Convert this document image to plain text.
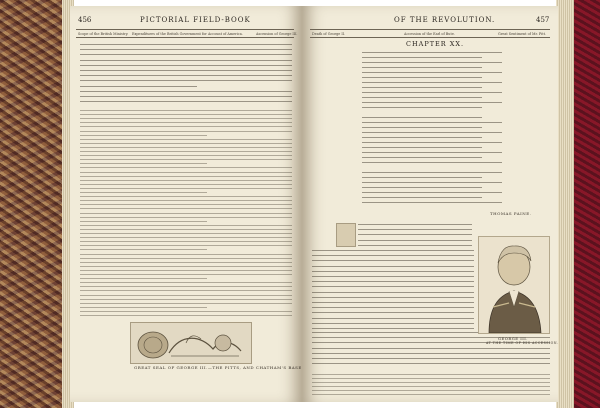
456	PICTORIAL FIELD-BOOK
Scope of the British Ministry. Expenditures of the British Government for Account of America.	Ascension of George III.
GREAT SEAL OF GEORGE III.—THE PITTS, AND CHATHAM'S BASE
OF THE REVOLUTION.	457
Death of George II.	Accession of the Earl of Bute.	Great Sentiment of Mr. Pitt.
CHAPTER XX.
THOMAS PAINE.
GEORGE III.
AT THE TIME OF HIS ACCESSION.
